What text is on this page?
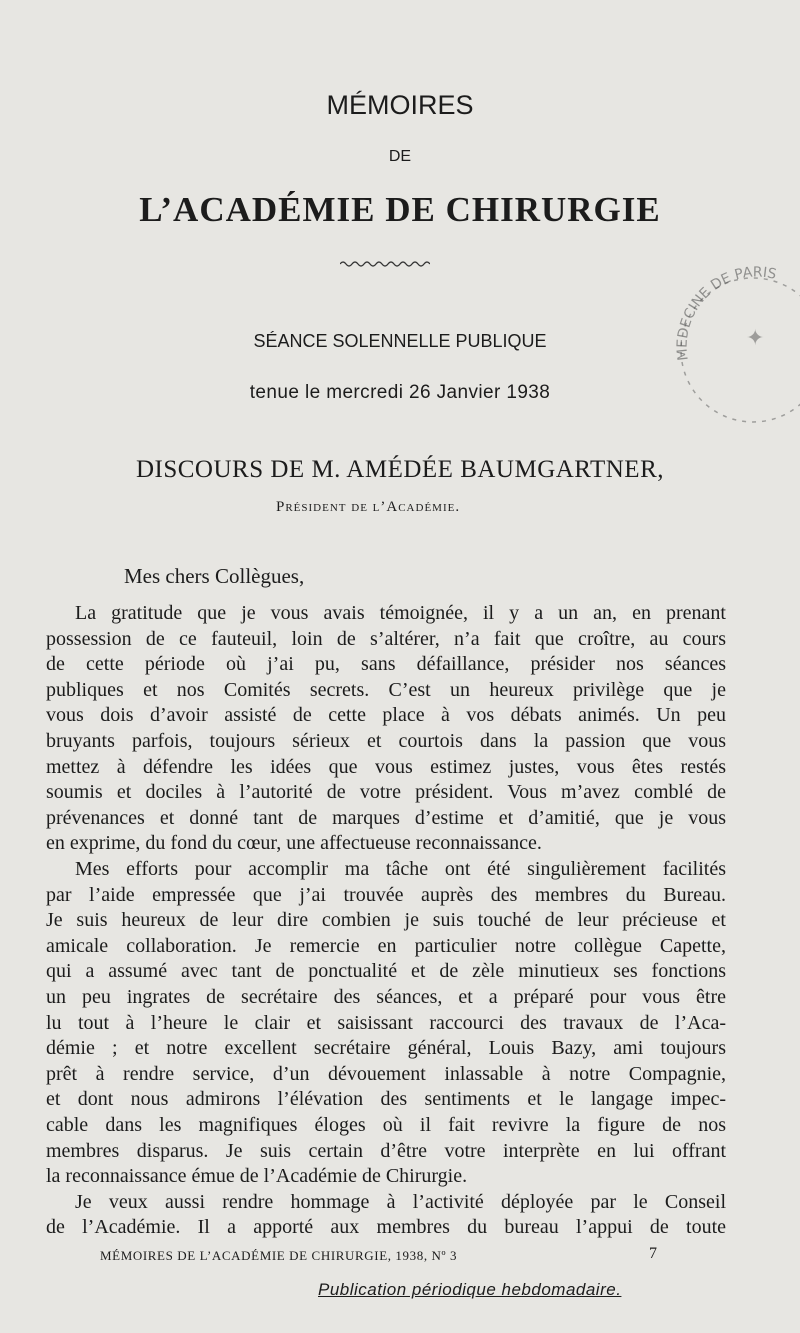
MÉMOIRES
DE
L’ACADÉMIE DE CHIRURGIE
MEDECINE DE PARIS
✦
SÉANCE SOLENNELLE PUBLIQUE
tenue le mercredi 26 Janvier 1938
DISCOURS DE M. AMÉDÉE BAUMGARTNER,
Président de l’Académie.
Mes chers Collègues,
La gratitude que je vous avais témoignée, il y a un an, en prenant
possession de ce fauteuil, loin de s’altérer, n’a fait que croître, au cours
de cette période où j’ai pu, sans défaillance, présider nos séances
publiques et nos Comités secrets. C’est un heureux privilège que je
vous dois d’avoir assisté de cette place à vos débats animés. Un peu
bruyants parfois, toujours sérieux et courtois dans la passion que vous
mettez à défendre les idées que vous estimez justes, vous êtes restés
soumis et dociles à l’autorité de votre président. Vous m’avez comblé de
prévenances et donné tant de marques d’estime et d’amitié, que je vous
en exprime, du fond du cœur, une affectueuse reconnaissance.
Mes efforts pour accomplir ma tâche ont été singulièrement facilités
par l’aide empressée que j’ai trouvée auprès des membres du Bureau.
Je suis heureux de leur dire combien je suis touché de leur précieuse et
amicale collaboration. Je remercie en particulier notre collègue Capette,
qui a assumé avec tant de ponctualité et de zèle minutieux ses fonctions
un peu ingrates de secrétaire des séances, et a préparé pour vous être
lu tout à l’heure le clair et saisissant raccourci des travaux de l’Aca-
démie ; et notre excellent secrétaire général, Louis Bazy, ami toujours
prêt à rendre service, d’un dévouement inlassable à notre Compagnie,
et dont nous admirons l’élévation des sentiments et le langage impec-
cable dans les magnifiques éloges où il fait revivre la figure de nos
membres disparus. Je suis certain d’être votre interprète en lui offrant
la reconnaissance émue de l’Académie de Chirurgie.
Je veux aussi rendre hommage à l’activité déployée par le Conseil
de l’Académie. Il a apporté aux membres du bureau l’appui de toute
MÉMOIRES DE L’ACADÉMIE DE CHIRURGIE, 1938, Nº 3	7
Publication périodique hebdomadaire.
